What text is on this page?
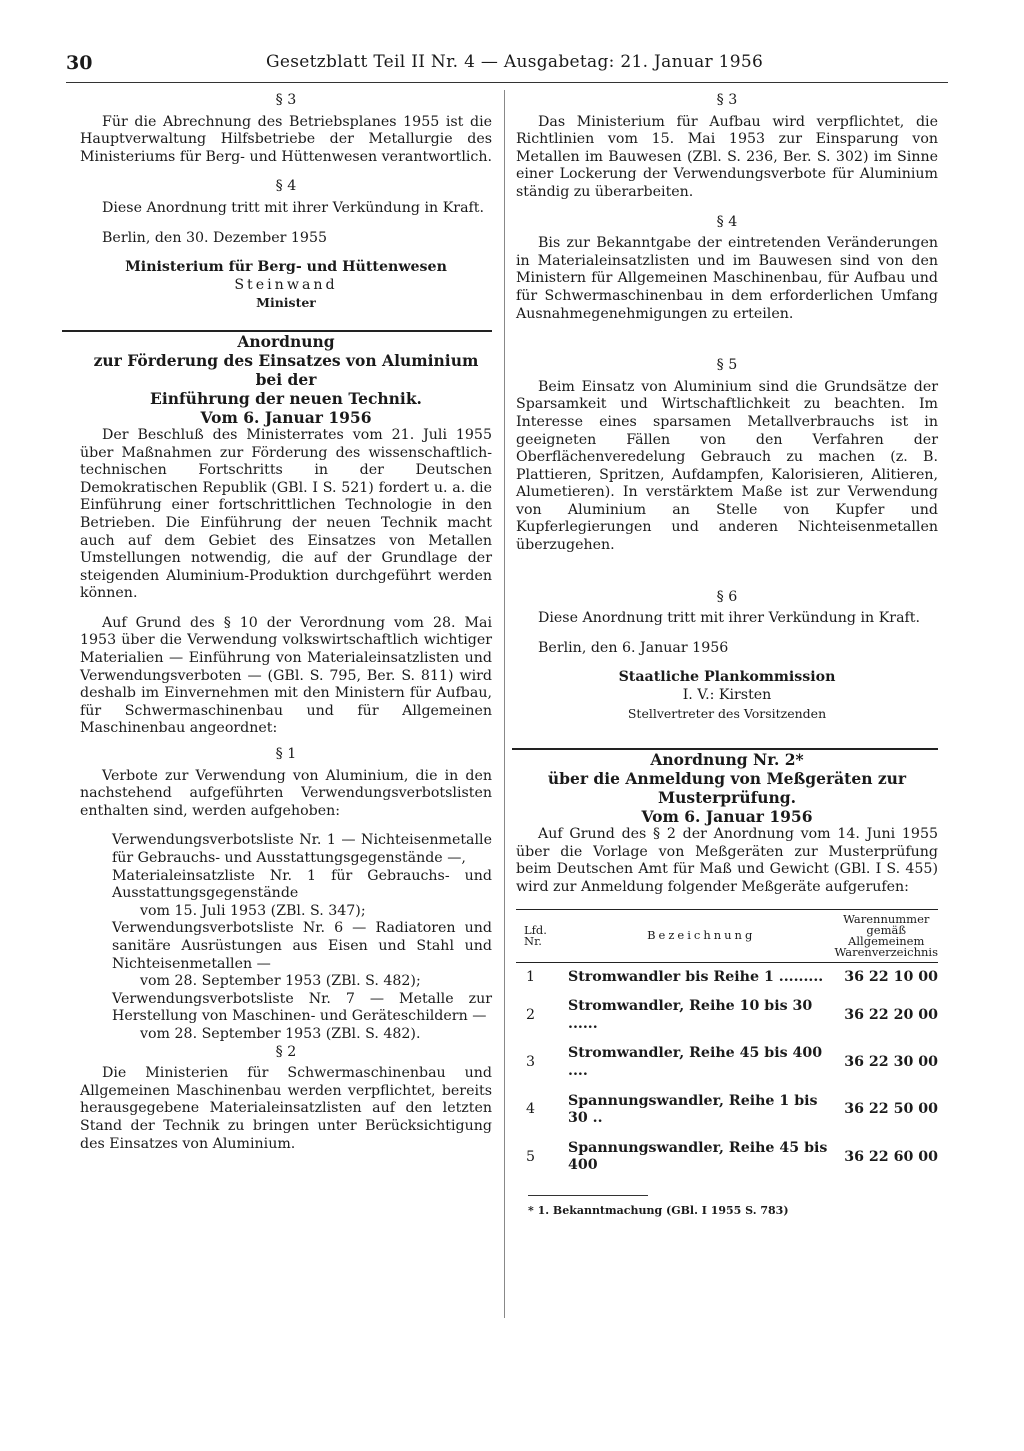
30	Gesetzblatt Teil II Nr. 4 — Ausgabetag: 21. Januar 1956

§ 3

Für die Abrechnung des Betriebsplanes 1955 ist die Hauptverwaltung Hilfsbetriebe der Metallurgie des Ministeriums für Berg- und Hüttenwesen verantwortlich.

§ 4

Diese Anordnung tritt mit ihrer Verkündung in Kraft.

Berlin, den 30. Dezember 1955

Ministerium für Berg- und Hüttenwesen

Steinwand

Minister

Anordnung

zur Förderung des Einsatzes von Aluminium bei der

Einführung der neuen Technik.

Vom 6. Januar 1956

Der Beschluß des Ministerrates vom 21. Juli 1955 über Maßnahmen zur Förderung des wissenschaftlich-technischen Fortschritts in der Deutschen Demokratischen Republik (GBl. I S. 521) fordert u. a. die Einführung einer fortschrittlichen Technologie in den Betrieben. Die Einführung der neuen Technik macht auch auf dem Gebiet des Einsatzes von Metallen Umstellungen notwendig, die auf der Grundlage der steigenden Aluminium-Produktion durchgeführt werden können.

Auf Grund des § 10 der Verordnung vom 28. Mai 1953 über die Verwendung volkswirtschaftlich wichtiger Materialien — Einführung von Materialeinsatzlisten und Verwendungsverboten — (GBl. S. 795, Ber. S. 811) wird deshalb im Einvernehmen mit den Ministern für Aufbau, für Schwermaschinenbau und für Allgemeinen Maschinenbau angeordnet:

§ 1

Verbote zur Verwendung von Aluminium, die in den nachstehend aufgeführten Verwendungsverbotslisten enthalten sind, werden aufgehoben:

Verwendungsverbotsliste Nr. 1 — Nichteisenmetalle für Gebrauchs- und Ausstattungsgegenstände —,

Materialeinsatzliste Nr. 1 für Gebrauchs- und Ausstattungsgegenstände

vom 15. Juli 1953 (ZBl. S. 347);

Verwendungsverbotsliste Nr. 6 — Radiatoren und sanitäre Ausrüstungen aus Eisen und Stahl und Nichteisenmetallen —

vom 28. September 1953 (ZBl. S. 482);

Verwendungsverbotsliste Nr. 7 — Metalle zur Herstellung von Maschinen- und Geräteschildern —

vom 28. September 1953 (ZBl. S. 482).

§ 2

Die Ministerien für Schwermaschinenbau und Allgemeinen Maschinenbau werden verpflichtet, bereits herausgegebene Materialeinsatzlisten auf den letzten Stand der Technik zu bringen unter Berücksichtigung des Einsatzes von Aluminium.

§ 3

Das Ministerium für Aufbau wird verpflichtet, die Richtlinien vom 15. Mai 1953 zur Einsparung von Metallen im Bauwesen (ZBl. S. 236, Ber. S. 302) im Sinne einer Lockerung der Verwendungsverbote für Aluminium ständig zu überarbeiten.

§ 4

Bis zur Bekanntgabe der eintretenden Veränderungen in Materialeinsatzlisten und im Bauwesen sind von den Ministern für Allgemeinen Maschinenbau, für Aufbau und für Schwermaschinenbau in dem erforderlichen Umfang Ausnahmegenehmigungen zu erteilen.

§ 5

Beim Einsatz von Aluminium sind die Grundsätze der Sparsamkeit und Wirtschaftlichkeit zu beachten. Im Interesse eines sparsamen Metallverbrauchs ist in geeigneten Fällen von den Verfahren der Oberflächenveredelung Gebrauch zu machen (z. B. Plattieren, Spritzen, Aufdampfen, Kalorisieren, Alitieren, Alumetieren). In verstärktem Maße ist zur Verwendung von Aluminium an Stelle von Kupfer und Kupferlegierungen und anderen Nichteisenmetallen überzugehen.

§ 6

Diese Anordnung tritt mit ihrer Verkündung in Kraft.

Berlin, den 6. Januar 1956

Staatliche Plankommission

I. V.: Kirsten

Stellvertreter des Vorsitzenden

Anordnung Nr. 2*

über die Anmeldung von Meßgeräten zur

Musterprüfung.

Vom 6. Januar 1956

Auf Grund des § 2 der Anordnung vom 14. Juni 1955 über die Vorlage von Meßgeräten zur Musterprüfung beim Deutschen Amt für Maß und Gewicht (GBl. I S. 455) wird zur Anmeldung folgender Meßgeräte aufgerufen:

Lfd. Nr.	Bezeichnung	Warennummer gemäß Allgemeinem Warenverzeichnis
1	Stromwandler bis Reihe 1 .........	36 22 10 00
2	Stromwandler, Reihe 10 bis 30 ......	36 22 20 00
3	Stromwandler, Reihe 45 bis 400 ....	36 22 30 00
4	Spannungswandler, Reihe 1 bis 30 ..	36 22 50 00
5	Spannungswandler, Reihe 45 bis 400	36 22 60 00

* 1. Bekanntmachung (GBl. I 1955 S. 783)
